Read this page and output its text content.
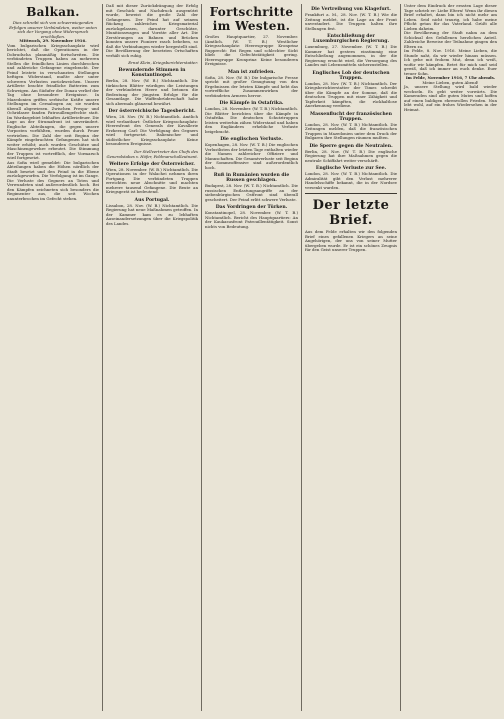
Balkan.

Dies schreibt sich von schwerwiegenden Erfolgen unserer Verbündeten, weiter unten sich der Vorgang ohne Widerspruch erschließen.

Mittwoch, 29. November 1916.

Vom bulgarischen Kriegsschauplatz wird berichtet, daß die Operationen in der Dobrudscha planmäßig fortschreiten. Die verbündeten Truppen haben an mehreren Stellen die feindlichen Linien durchbrochen und zahlreiche Gefangene eingebracht. Der Feind leistete in verschanzten Stellungen heftigen Widerstand, mußte aber unter schweren Verlusten zurückweichen. Unsere Artillerie brachte feindliche Batterien zum Schweigen. Am Südufer der Donau verlief der Tag ohne besondere Ereignisse. In Mazedonien griffen serbische Kräfte unsere Stellungen im Cernabogen an; sie wurden überall abgewiesen. Zwischen Prespa- und Ochridasee fanden Patrouillengefechte statt. Im Wardargebiet lebhaftes Artilleriefeuer. Die Lage an der Strumafront ist unverändert. Englische Abteilungen, die gegen unsere Vorposten vorfühlten, wurden durch Feuer vertrieben. Die Zahl der seit Beginn der Kämpfe eingebrachten Gefangenen hat sich weiter erhöht; auch wurden Geschütze und Maschinengewehre erbeutet. Die Stimmung der Truppen ist vortrefflich, der Vormarsch wird fortgesetzt.

Aus Sofia wird gemeldet: Die bulgarischen Abteilungen haben die Höhen nördlich der Stadt besetzt und den Feind in die Ebene zurückgeworfen. Die Verfolgung ist im Gange. Die Verluste des Gegners an Toten und Verwundeten sind außerordentlich hoch. Bei den Kämpfen zeichneten sich besonders die Regimenter aus, die seit Wochen ununterbrochen im Gefecht stehen.

Daß mit dieser Zurückdrängung der Erfolg mit Geschick und Nachdruck ausgenützt wurde, beweist die große Zahl der Gefangenen. Der Feind hat auf seinem Rückzug zahlreiches Kriegsmaterial zurückgelassen, darunter Geschütze, Munitionswagen und Vorräte aller Art. Die Zerstörungen an Bahnen und Brücken konnten unsere Pioniere rasch beheben, so daß die Verbindungen wieder hergestellt sind. Die Bevölkerung der besetzten Ortschaften verhält sich ruhig.

Ernst Klein, Kriegsberichterstatter.

Bewundernde Stimmen in Konstantinopel.

Berlin, 28. Nov. (W. B.) Nichtamtlich. Die türkischen Blätter würdigen die Leistungen der verbündeten Heere und betonen die Bedeutung der jüngsten Erfolge für die Gesamtlage. Die Waffenbrüderschaft habe sich abermals glänzend bewährt.

Der österreichische Tagesbericht.

Wien, 28. Nov. (W. B.) Nichtamtlich. Amtlich wird verlautbart: Östlicher Kriegsschauplatz: Heeresfront des Generals der Kavallerie Erzherzog Carl: Die Verfolgung des Gegners wird fortgesetzt. Italienischer und südöstlicher Kriegsschauplatz: Keine besonderen Ereignisse.

Der Stellvertreter des Chefs des Generalstabes v. Höfer, Feldmarschalleutnant.

Weitere Erfolge der Österreicher.

Wien, 28. November. (W. B.) Nichtamtlich. Die Operationen in der Walachei nehmen ihren Fortgang. Die verbündeten Truppen erreichten neue Abschnitte und machten mehrere tausend Gefangene. Die Beute an Kriegsgerät ist bedeutend.

Aus Portugal.

Lissabon, 28. Nov. (W. B.) Nichtamtlich. Die Regierung hat neue Maßnahmen getroffen. In der Kammer kam es zu lebhaften Auseinandersetzungen über die Kriegspolitik des Landes.

Fortschritte im Westen.

Großes Hauptquartier, 27. November. (Amtlich. (W. T. B.) Westlicher Kriegsschauplatz: Heeresgruppe Kronprinz Rupprecht: Bei Regen und schlechter Sicht blieb die Gefechtstätigkeit gering. Heeresgruppe Kronprinz: Keine besonderen Ereignisse.

Man ist zufrieden.

Sofia, 28. Nov. (W. B.) Die bulgarische Presse spricht mit großer Genugtuung von den Ergebnissen der letzten Kämpfe und hebt das vortreffliche Zusammenwirken der verbündeten Armeen hervor.

Die Kämpfe in Ostafrika.

London, 28. November. (W. T. B.) Nichtamtlich. Die Blätter berichten über die Kämpfe in Ostafrika. Die deutschen Schutztruppen leisten weiterhin zähen Widerstand und haben den Engländern erhebliche Verluste beigebracht.

Die englischen Verluste.

Kopenhagen, 28. Nov. (W. T. B.) Die englischen Verlustlisten der letzten Tage enthalten wieder die Namen zahlreicher Offiziere und Mannschaften. Die Gesamtverluste seit Beginn der Sommeoffensive sind außerordentlich hoch.

Ruß in Rumänien wurden die Russen geschlagen.

Budapest, 28. Nov. (W. T. B.) Nichtamtlich. Die russischen Entlastungsangriffe an der siebenbürgischen Ostfront sind überall gescheitert. Der Feind erlitt schwere Verluste.

Das Vordringen der Türken.

Konstantinopel, 28. November. (W. T. B.) Nichtamtlich. Bericht des Hauptquartiers: An der Kaukasusfront Patrouillentätigkeit. Sonst nichts von Bedeutung.

Die Vertreibung von Klagefurt.

Frankfurt a. M., 28. Nov. (W. T. B.) Wie die Zeitung meldet, ist die Lage an der Front unverändert. Die Truppen halten ihre Stellungen fest.

Entschließung der Luxemburgischen Regierung.

Luxemburg, 27. November. (W. T. B.) Die Kammer hat gestern einstimmig eine Entschließung angenommen, in der die Regierung ersucht wird, die Versorgung des Landes mit Lebensmitteln sicherzustellen.

Englisches Lob der deutschen Truppen.

London, 28. Nov. (W. T. B.) Nichtamtlich. Der Kriegsberichterstatter der Times schreibt über die Kämpfe an der Somme, daß die deutschen Truppen mit einer Zähigkeit und Tapferkeit kämpften, die rückhaltlose Anerkennung verdiene.

Massenflucht der französischen Truppen.

London, 28. Nov. (W. T. B.) Nichtamtlich. Die Zeitungen melden, daß die französischen Truppen in Mazedonien unter dem Druck der Bulgaren ihre Stellungen räumen mußten.

Die Sperre gegen die Neutralen.

Berlin, 28. Nov. (W. T. B.) Die englische Regierung hat ihre Maßnahmen gegen die neutrale Schiffahrt weiter verschärft.

Englische Verluste zur See.

London, 28. Nov. (W. T. B.) Nichtamtlich. Die Admiralität gibt den Verlust mehrerer Handelsschiffe bekannt, die in der Nordsee versenkt wurden.

Der letzte Brief.

Aus dem Felde erhalten wir den folgenden Brief eines gefallenen Kriegers an seine Angehörigen, der uns von seiner Mutter übergeben wurde. Er ist ein schönes Zeugnis für den Geist unserer Truppen.

Unter dem Eindruck der ernsten Lage dieser Tage schrieb er: Liebe Eltern! Wenn ihr diesen Brief erhaltet, dann bin ich nicht mehr am Leben. Seid nicht traurig, ich habe meine Pflicht getan für das Vaterland. Grüßt alle Lieben daheim.

Die Bevölkerung der Stadt nahm an dem Schicksal des Gefallenen herzlichen Anteil. Zahlreiche Beweise der Teilnahme gingen den Eltern zu.

Im Felde, 8. Nov. 1916. Meine Lieben, die Stunde naht, da wir wieder hinaus müssen. Ich gehe mit frohem Mut, denn ich weiß, wofür wir kämpfen. Betet für mich und seid gewiß, daß ich immer an euch denke. Euer treuer Sohn.

Im Felde, November 1916, 7 Uhr abends.

Meine Lieben, guten Abend!

Ja, unsere Stellung wird bald wieder wechseln. Es geht weiter vorwärts. Die Kameraden sind alle guten Mutes und hoffen auf einen baldigen ehrenvollen Frieden. Nun lebt wohl, auf ein frohes Wiedersehen in der Heimat.
